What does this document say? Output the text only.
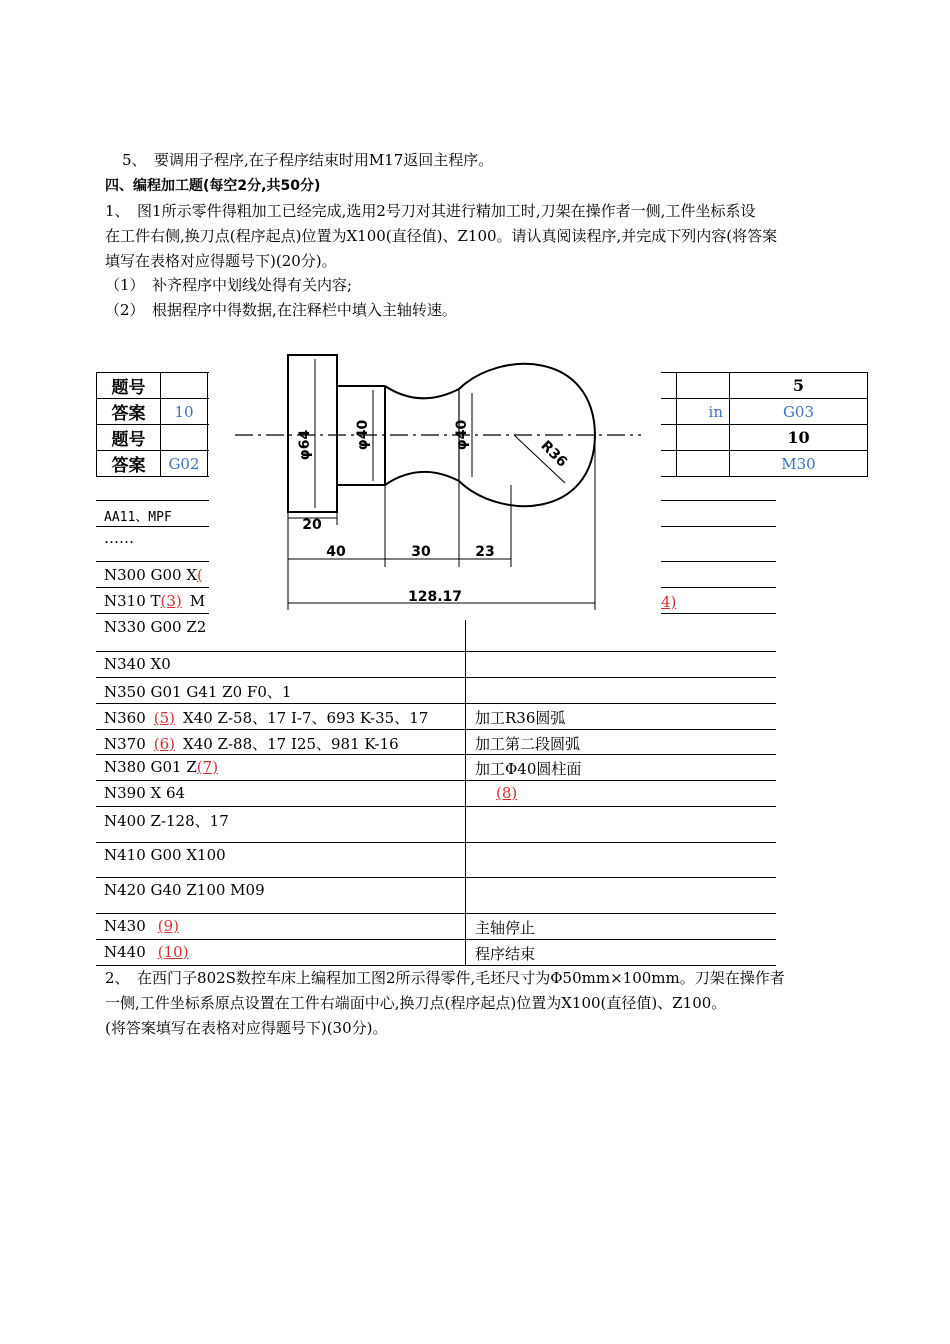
5、　要调用子程序,在子程序结束时用M17返回主程序。
四、编程加工题(每空2分,共50分)
1、　图1所示零件得粗加工已经完成,选用2号刀对其进行精加工时,刀架在操作者一侧,工件坐标系设
在工件右侧,换刀点(程序起点)位置为X100(直径值)、Z100。请认真阅读程序,并完成下列内容(将答案
填写在表格对应得题号下)(20分)。
（1）　补齐程序中划线处得有关内容;
（2）　根据程序中得数据,在注释栏中填入主轴转速。
题号				5
答案	10		in	G03
题号				10
答案	G02			M30
AA11、MPF
……
N300 G00 X(
N310 T(3) M	4)
N330 G00 Z2
N340 X0
N350 G01 G41 Z0 F0、1
N360 (5) X40 Z-58、17 I-7、693 K-35、17	加工R36圆弧
N370 (6) X40 Z-88、17 I25、981 K-16	加工第二段圆弧
N380 G01 Z(7)	加工Φ40圆柱面
N390 X 64	(8)
N400 Z-128、17
N410 G00 X100
N420 G40 Z100 M09
N430 (9)	主轴停止
N440 (10)	程序结束
φ64	φ40	φ40
R36
20
40	30	23
128.17
2、　在西门子802S数控车床上编程加工图2所示得零件,毛坯尺寸为Φ50mm×100mm。刀架在操作者
一侧,工件坐标系原点设置在工件右端面中心,换刀点(程序起点)位置为X100(直径值)、Z100。
(将答案填写在表格对应得题号下)(30分)。
